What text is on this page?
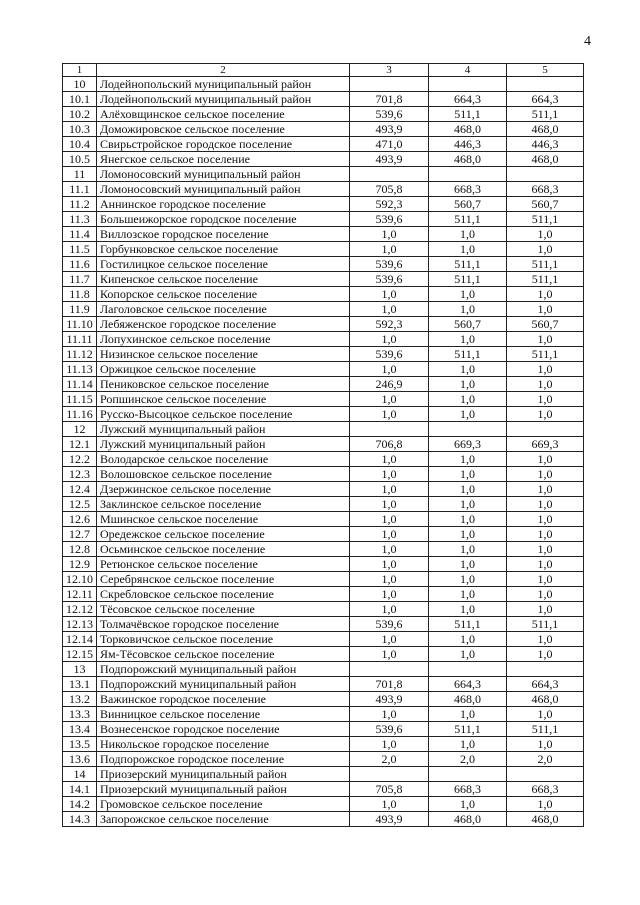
4
1	2	3	4	5
10	Лодейнопольский муниципальный район			
10.1	Лодейнопольский муниципальный район	701,8	664,3	664,3
10.2	Алёховщинское сельское поселение	539,6	511,1	511,1
10.3	Доможировское сельское поселение	493,9	468,0	468,0
10.4	Свирьстройское городское поселение	471,0	446,3	446,3
10.5	Янегское сельское поселение	493,9	468,0	468,0
11	Ломоносовский муниципальный район			
11.1	Ломоносовский муниципальный район	705,8	668,3	668,3
11.2	Аннинское городское поселение	592,3	560,7	560,7
11.3	Большеижорское городское поселение	539,6	511,1	511,1
11.4	Виллозское городское поселение	1,0	1,0	1,0
11.5	Горбунковское сельское поселение	1,0	1,0	1,0
11.6	Гостилицкое сельское поселение	539,6	511,1	511,1
11.7	Кипенское сельское поселение	539,6	511,1	511,1
11.8	Копорское сельское поселение	1,0	1,0	1,0
11.9	Лаголовское сельское поселение	1,0	1,0	1,0
11.10	Лебяженское городское поселение	592,3	560,7	560,7
11.11	Лопухинское сельское поселение	1,0	1,0	1,0
11.12	Низинское сельское поселение	539,6	511,1	511,1
11.13	Оржицкое сельское поселение	1,0	1,0	1,0
11.14	Пениковское сельское поселение	246,9	1,0	1,0
11.15	Ропшинское сельское поселение	1,0	1,0	1,0
11.16	Русско-Высоцкое сельское поселение	1,0	1,0	1,0
12	Лужский муниципальный район			
12.1	Лужский муниципальный район	706,8	669,3	669,3
12.2	Володарское сельское поселение	1,0	1,0	1,0
12.3	Волошовское сельское поселение	1,0	1,0	1,0
12.4	Дзержинское сельское поселение	1,0	1,0	1,0
12.5	Заклинское сельское поселение	1,0	1,0	1,0
12.6	Мшинское сельское поселение	1,0	1,0	1,0
12.7	Оредежское сельское поселение	1,0	1,0	1,0
12.8	Осьминское сельское поселение	1,0	1,0	1,0
12.9	Ретюнское сельское поселение	1,0	1,0	1,0
12.10	Серебрянское сельское поселение	1,0	1,0	1,0
12.11	Скребловское сельское поселение	1,0	1,0	1,0
12.12	Тёсовское сельское поселение	1,0	1,0	1,0
12.13	Толмачёвское городское поселение	539,6	511,1	511,1
12.14	Торковичское сельское поселение	1,0	1,0	1,0
12.15	Ям-Тёсовское сельское поселение	1,0	1,0	1,0
13	Подпорожский муниципальный район			
13.1	Подпорожский муниципальный район	701,8	664,3	664,3
13.2	Важинское городское поселение	493,9	468,0	468,0
13.3	Винницкое сельское поселение	1,0	1,0	1,0
13.4	Вознесенское городское поселение	539,6	511,1	511,1
13.5	Никольское городское поселение	1,0	1,0	1,0
13.6	Подпорожское городское поселение	2,0	2,0	2,0
14	Приозерский муниципальный район			
14.1	Приозерский муниципальный район	705,8	668,3	668,3
14.2	Громовское сельское поселение	1,0	1,0	1,0
14.3	Запорожское сельское поселение	493,9	468,0	468,0
